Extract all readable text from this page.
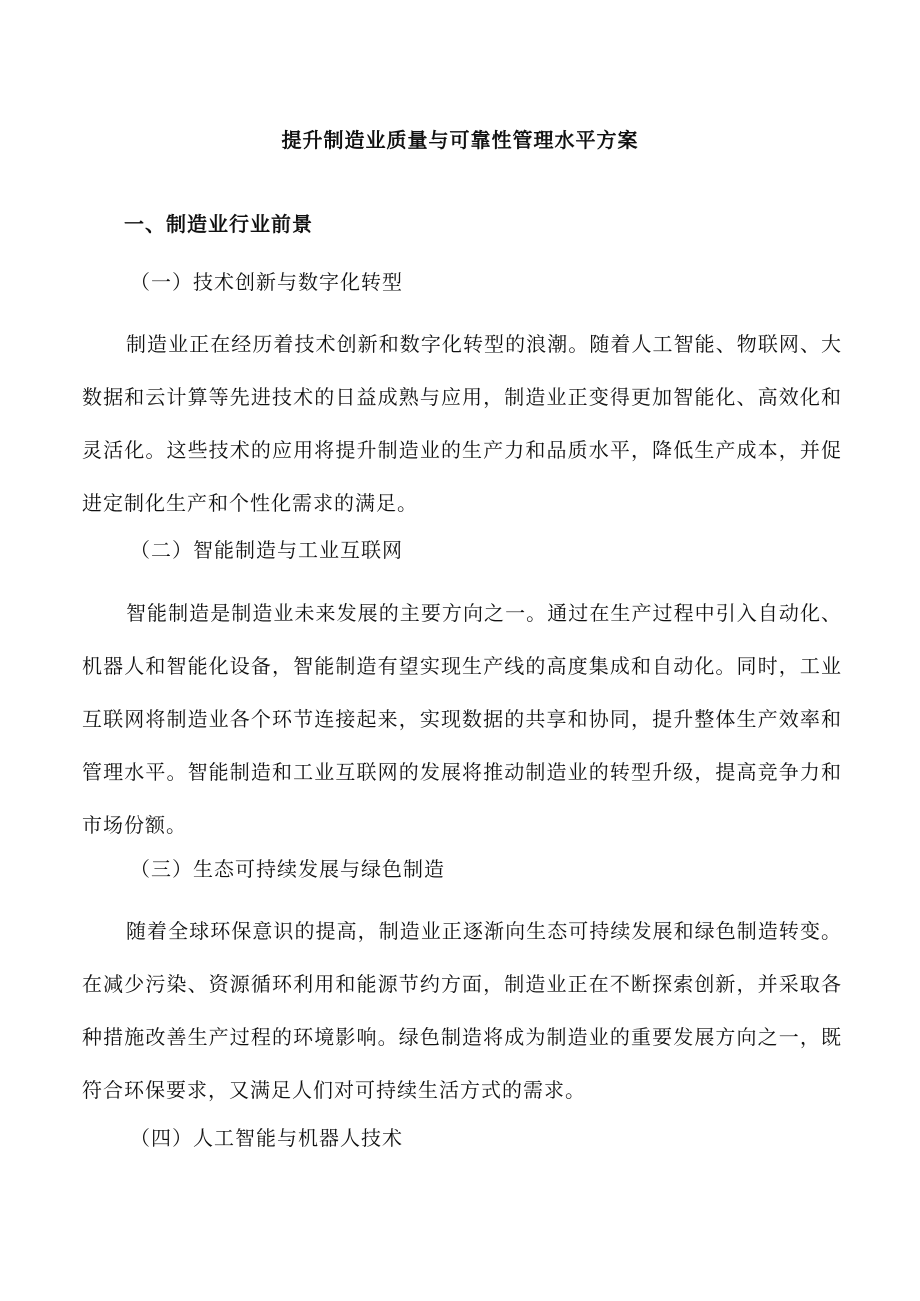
提升制造业质量与可靠性管理水平方案
一、制造业行业前景
（一）技术创新与数字化转型
制造业正在经历着技术创新和数字化转型的浪潮。随着人工智能、物联网、大数据和云计算等先进技术的日益成熟与应用，制造业正变得更加智能化、高效化和灵活化。这些技术的应用将提升制造业的生产力和品质水平，降低生产成本，并促进定制化生产和个性化需求的满足。
（二）智能制造与工业互联网
智能制造是制造业未来发展的主要方向之一。通过在生产过程中引入自动化、机器人和智能化设备，智能制造有望实现生产线的高度集成和自动化。同时，工业互联网将制造业各个环节连接起来，实现数据的共享和协同，提升整体生产效率和管理水平。智能制造和工业互联网的发展将推动制造业的转型升级，提高竞争力和市场份额。
（三）生态可持续发展与绿色制造
随着全球环保意识的提高，制造业正逐渐向生态可持续发展和绿色制造转变。在减少污染、资源循环利用和能源节约方面，制造业正在不断探索创新，并采取各种措施改善生产过程的环境影响。绿色制造将成为制造业的重要发展方向之一，既符合环保要求，又满足人们对可持续生活方式的需求。
（四）人工智能与机器人技术
